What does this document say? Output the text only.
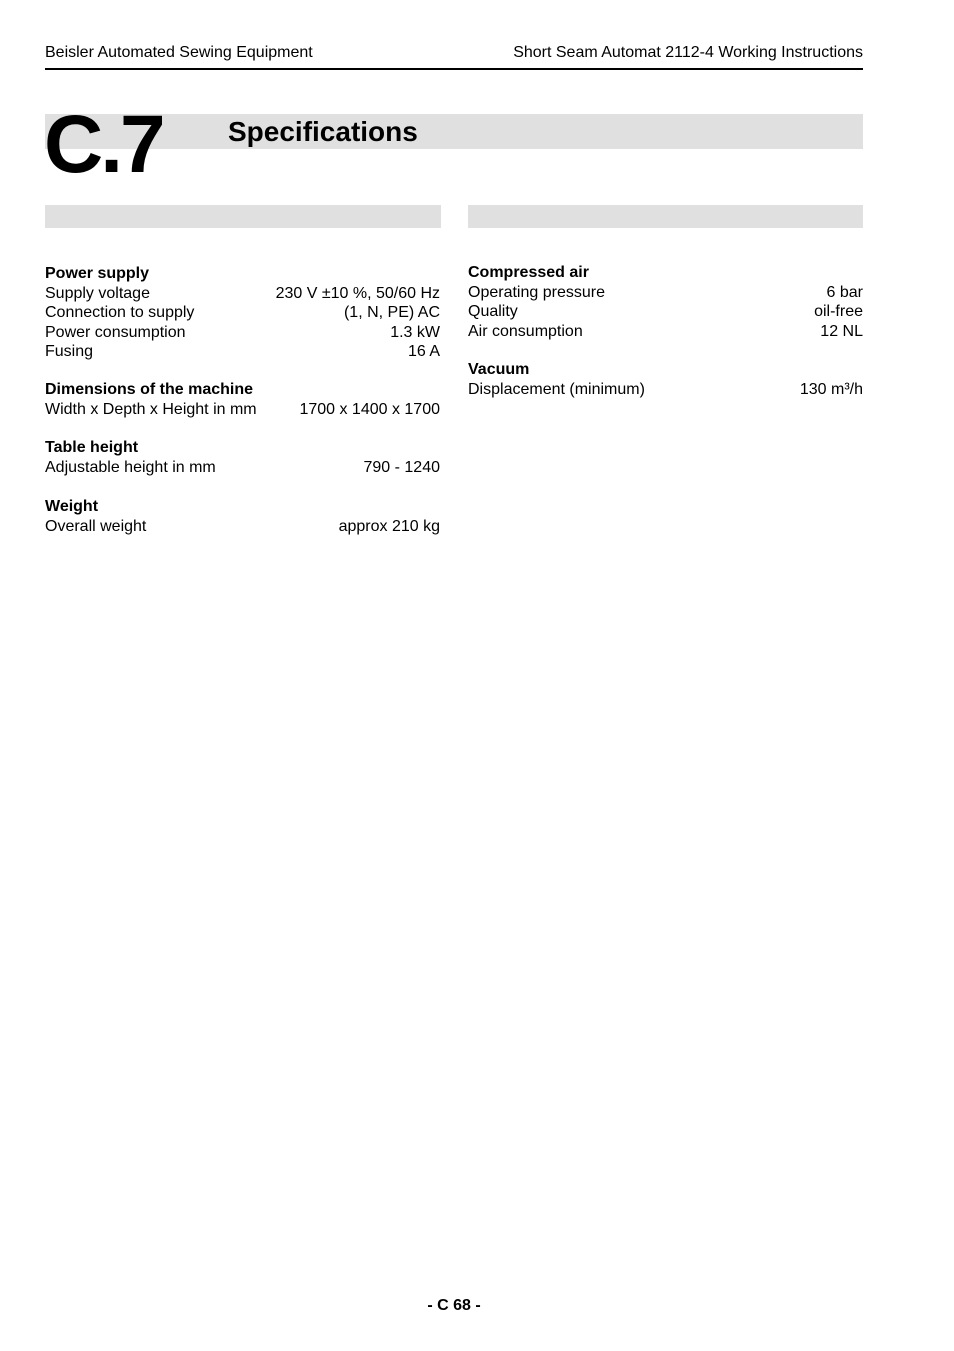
Beisler Automated Sewing Equipment	Short Seam Automat 2112-4 Working Instructions
C.7 Specifications
Power supply
Supply voltage	230 V ±10 %, 50/60 Hz
Connection to supply	(1, N, PE) AC
Power consumption	1.3 kW
Fusing	16 A
Dimensions of the machine
Width x Depth x Height in mm	1700 x 1400 x 1700
Table height
Adjustable height in mm	790 - 1240
Weight
Overall weight	approx 210 kg
Compressed air
Operating pressure	6 bar
Quality	oil-free
Air consumption	12 NL
Vacuum
Displacement (minimum)	130 m³/h
- C 68 -
